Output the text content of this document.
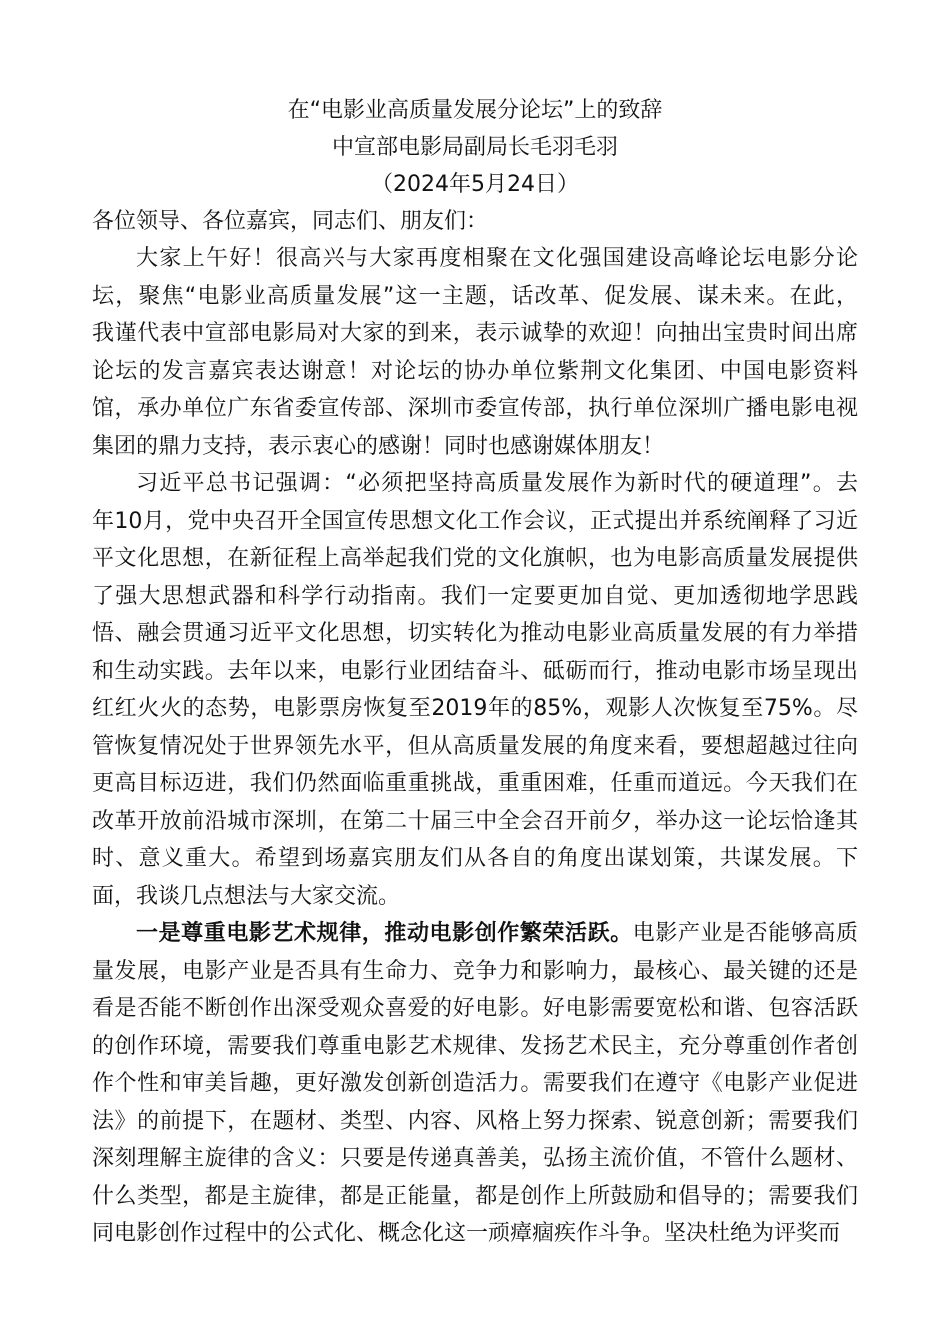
在“电影业高质量发展分论坛”上的致辞
中宣部电影局副局长毛羽毛羽
（2024年5月24日）
各位领导、各位嘉宾，同志们、朋友们：
大家上午好！很高兴与大家再度相聚在文化强国建设高峰论坛电影分论
坛，聚焦“电影业高质量发展”这一主题，话改革、促发展、谋未来。在此，
我谨代表中宣部电影局对大家的到来，表示诚挚的欢迎！向抽出宝贵时间出席
论坛的发言嘉宾表达谢意！对论坛的协办单位紫荆文化集团、中国电影资料
馆，承办单位广东省委宣传部、深圳市委宣传部，执行单位深圳广播电影电视
集团的鼎力支持，表示衷心的感谢！同时也感谢媒体朋友！
习近平总书记强调：“必须把坚持高质量发展作为新时代的硬道理”。去
年10月，党中央召开全国宣传思想文化工作会议，正式提出并系统阐释了习近
平文化思想，在新征程上高举起我们党的文化旗帜，也为电影高质量发展提供
了强大思想武器和科学行动指南。我们一定要更加自觉、更加透彻地学思践
悟、融会贯通习近平文化思想，切实转化为推动电影业高质量发展的有力举措
和生动实践。去年以来，电影行业团结奋斗、砥砺而行，推动电影市场呈现出
红红火火的态势，电影票房恢复至2019年的85%，观影人次恢复至75%。尽
管恢复情况处于世界领先水平，但从高质量发展的角度来看，要想超越过往向
更高目标迈进，我们仍然面临重重挑战，重重困难，任重而道远。今天我们在
改革开放前沿城市深圳，在第二十届三中全会召开前夕，举办这一论坛恰逢其
时、意义重大。希望到场嘉宾朋友们从各自的角度出谋划策，共谋发展。下
面，我谈几点想法与大家交流。
一是尊重电影艺术规律，推动电影创作繁荣活跃。电影产业是否能够高质
量发展，电影产业是否具有生命力、竞争力和影响力，最核心、最关键的还是
看是否能不断创作出深受观众喜爱的好电影。好电影需要宽松和谐、包容活跃
的创作环境，需要我们尊重电影艺术规律、发扬艺术民主，充分尊重创作者创
作个性和审美旨趣，更好激发创新创造活力。需要我们在遵守《电影产业促进
法》的前提下，在题材、类型、内容、风格上努力探索、锐意创新；需要我们
深刻理解主旋律的含义：只要是传递真善美，弘扬主流价值，不管什么题材、
什么类型，都是主旋律，都是正能量，都是创作上所鼓励和倡导的；需要我们
同电影创作过程中的公式化、概念化这一顽瘴痼疾作斗争。坚决杜绝为评奖而
